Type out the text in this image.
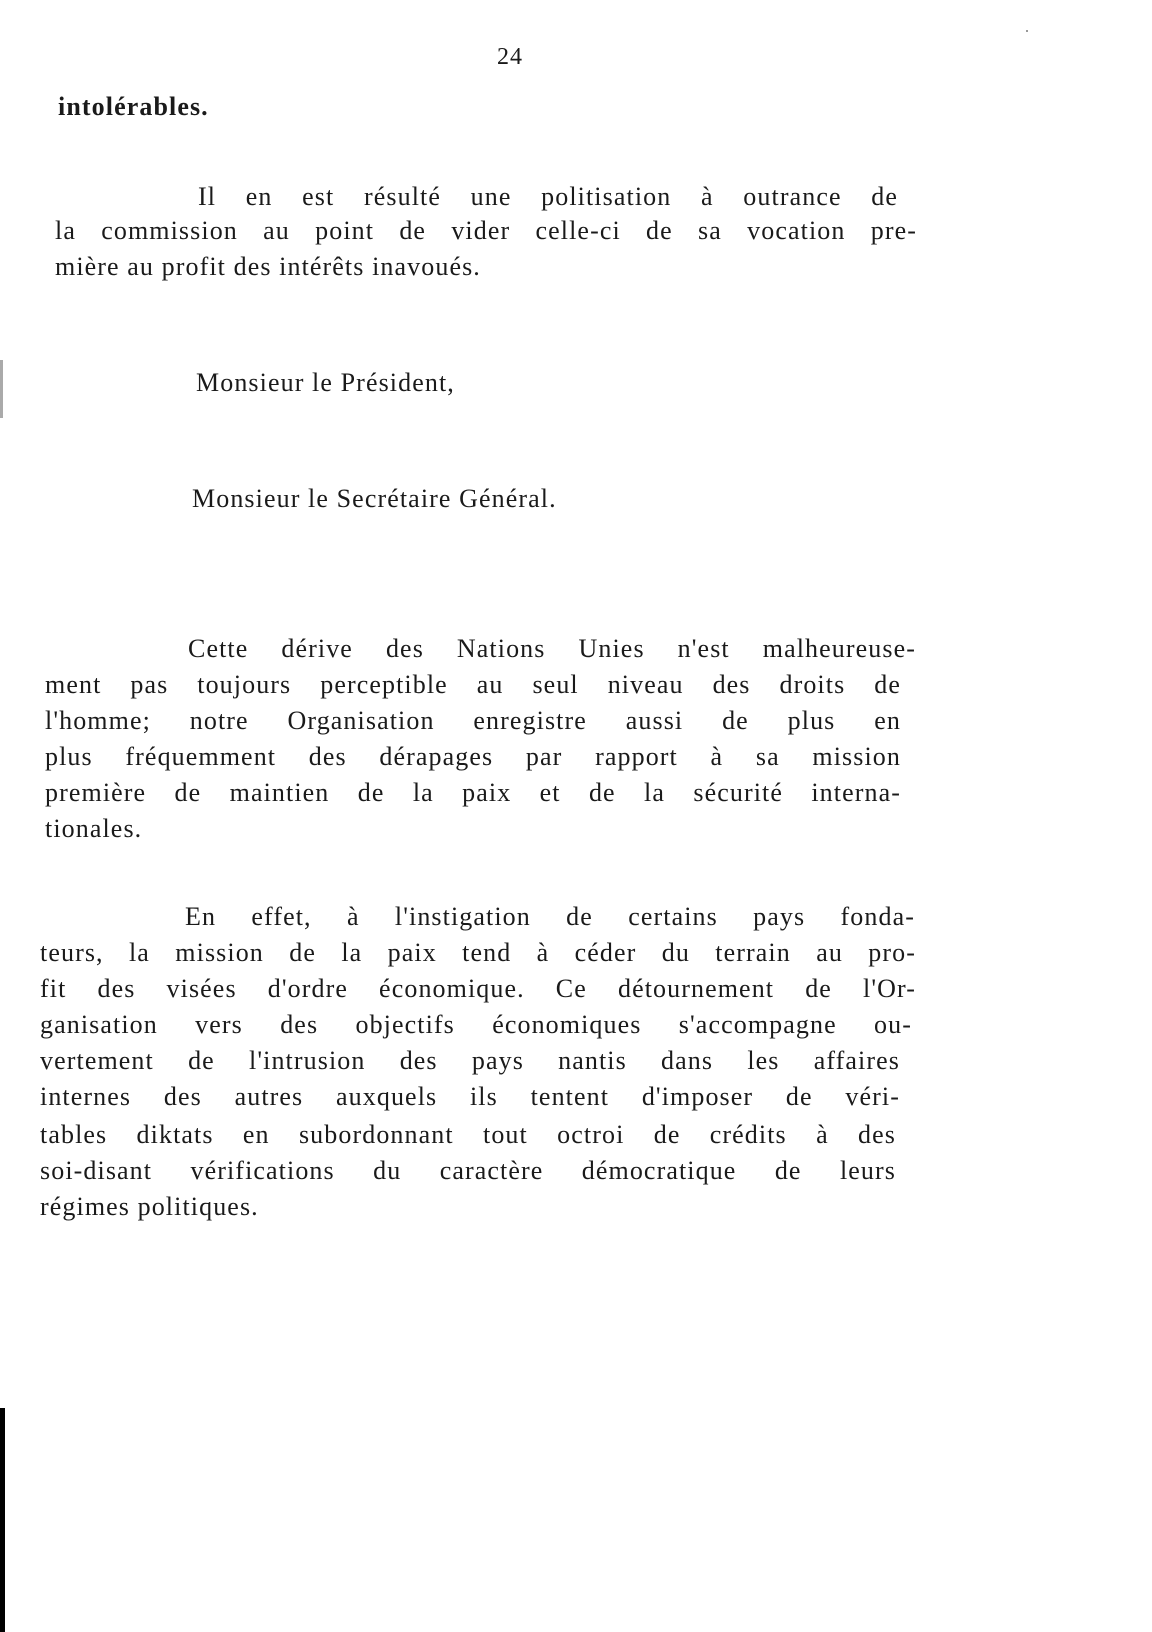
24
intolérables.
Il en est résulté une politisation à outrance de
la commission au point de vider celle-ci de sa vocation pre-
mière au profit des intérêts inavoués.
Monsieur le Président,
Monsieur le Secrétaire Général.
Cette dérive des Nations Unies n'est malheureuse-
ment pas toujours perceptible au seul niveau des droits de
l'homme; notre Organisation enregistre aussi de plus en
plus fréquemment des dérapages par rapport à sa mission
première de maintien de la paix et de la sécurité interna-
tionales.
En effet, à l'instigation de certains pays fonda-
teurs, la mission de la paix tend à céder du terrain au pro-
fit des visées d'ordre économique. Ce détournement de l'Or-
ganisation vers des objectifs économiques s'accompagne ou-
vertement de l'intrusion des pays nantis dans les affaires
internes des autres auxquels ils tentent d'imposer de véri-
tables diktats en subordonnant tout octroi de crédits à des
soi-disant vérifications du caractère démocratique de leurs
régimes politiques.
